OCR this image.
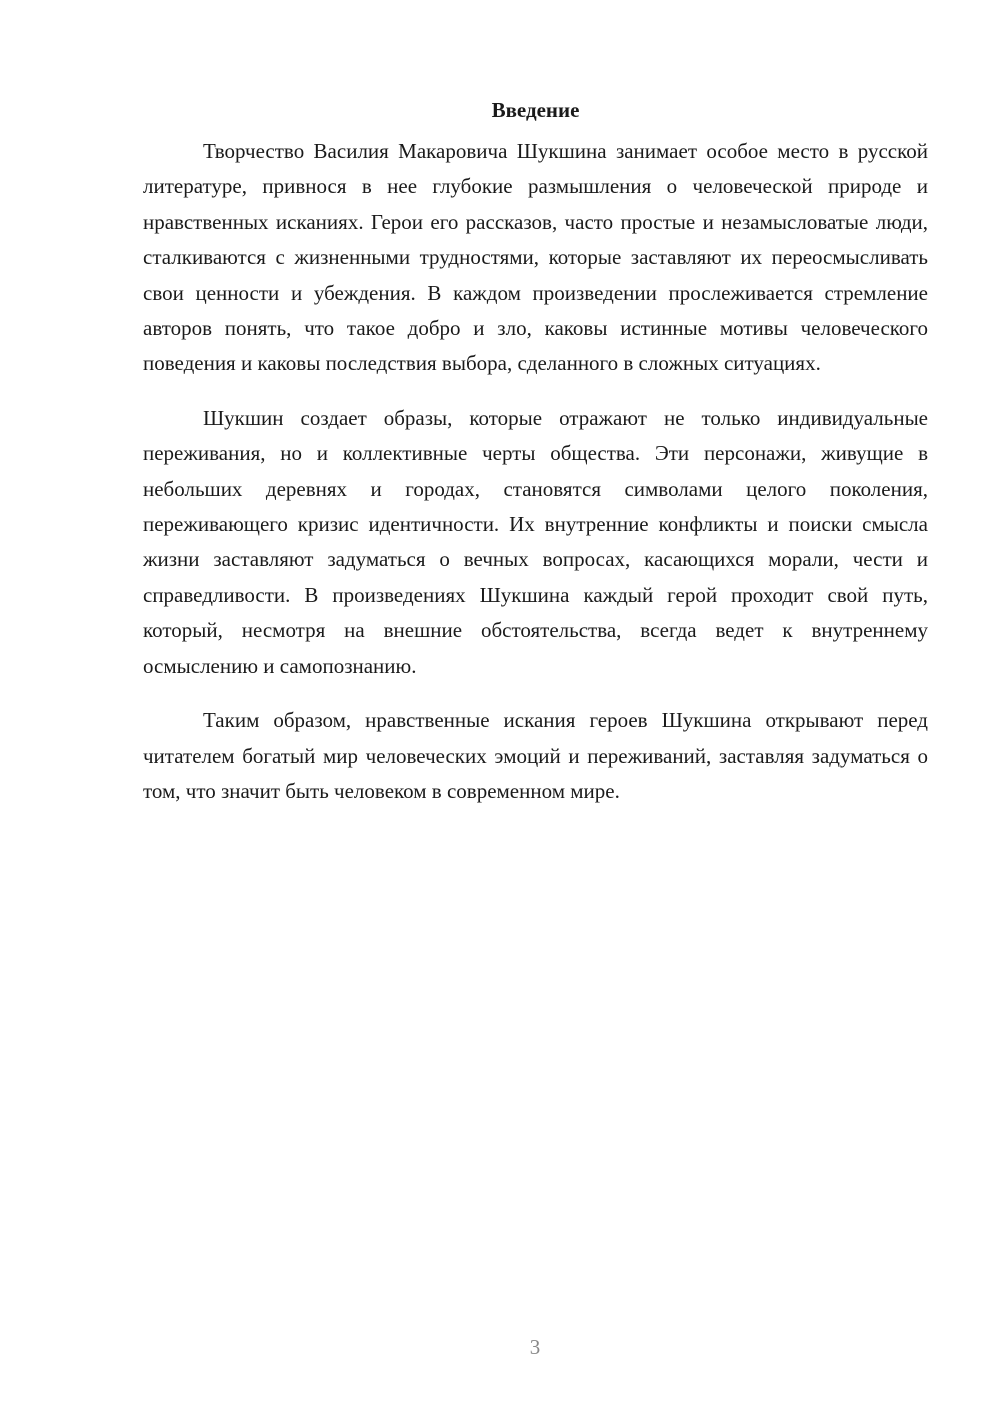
Введение

Творчество Василия Макаровича Шукшина занимает особое место в русской литературе, привнося в нее глубокие размышления о человеческой природе и нравственных исканиях. Герои его рассказов, часто простые и незамысловатые люди, сталкиваются с жизненными трудностями, которые заставляют их переосмысливать свои ценности и убеждения. В каждом произведении прослеживается стремление авторов понять, что такое добро и зло, каковы истинные мотивы человеческого поведения и каковы последствия выбора, сделанного в сложных ситуациях.

Шукшин создает образы, которые отражают не только индивидуальные переживания, но и коллективные черты общества. Эти персонажи, живущие в небольших деревнях и городах, становятся символами целого поколения, переживающего кризис идентичности. Их внутренние конфликты и поиски смысла жизни заставляют задуматься о вечных вопросах, касающихся морали, чести и справедливости. В произведениях Шукшина каждый герой проходит свой путь, который, несмотря на внешние обстоятельства, всегда ведет к внутреннему осмыслению и самопознанию.

Таким образом, нравственные искания героев Шукшина открывают перед читателем богатый мир человеческих эмоций и переживаний, заставляя задуматься о том, что значит быть человеком в современном мире.

3
